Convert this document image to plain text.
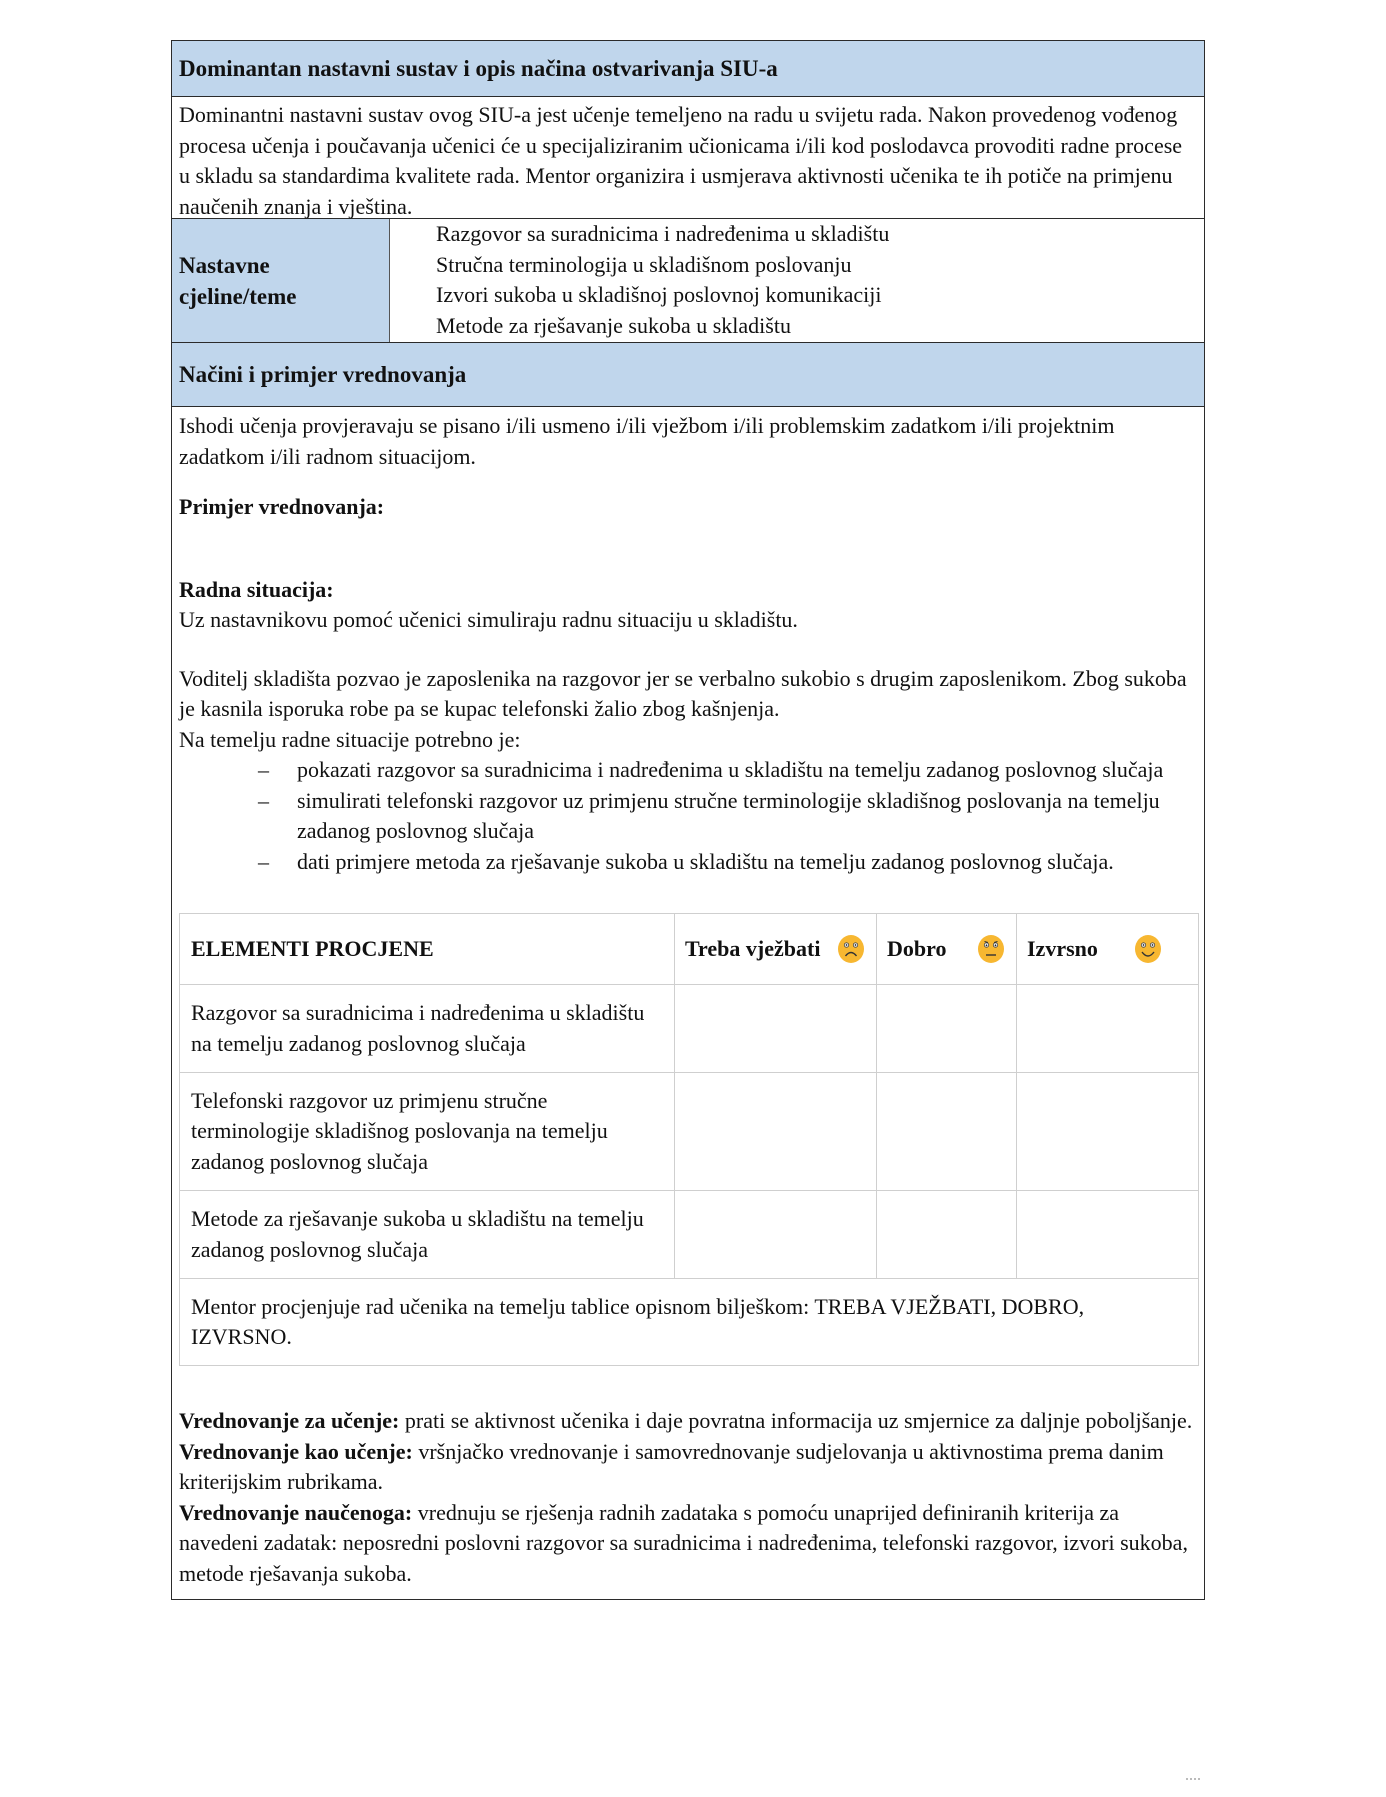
Dominantan nastavni sustav i opis načina ostvarivanja SIU-a
Dominantni nastavni sustav ovog SIU-a jest učenje temeljeno na radu u svijetu rada. Nakon provedenog vođenog procesa učenja i poučavanja učenici će u specijaliziranim učionicama i/ili kod poslodavca provoditi radne procese u skladu sa standardima kvalitete rada. Mentor organizira i usmjerava aktivnosti učenika te ih potiče na primjenu naučenih znanja i vještina.
Nastavne cjeline/teme
Razgovor sa suradnicima i nadređenima u skladištu
Stručna terminologija u skladišnom poslovanju
Izvori sukoba u skladišnoj poslovnoj komunikaciji
Metode za rješavanje sukoba u skladištu
Načini i primjer vrednovanja

Ishodi učenja provjeravaju se pisano i/ili usmeno i/ili vježbom i/ili problemskim zadatkom i/ili projektnim zadatkom i/ili radnom situacijom.

Primjer vrednovanja:

Radna situacija:

Uz nastavnikovu pomoć učenici simuliraju radnu situaciju u skladištu.

Voditelj skladišta pozvao je zaposlenika na razgovor jer se verbalno sukobio s drugim zaposlenikom. Zbog sukoba je kasnila isporuka robe pa se kupac telefonski žalio zbog kašnjenja.

Na temelju radne situacije potrebno je:

– pokazati razgovor sa suradnicima i nadređenima u skladištu na temelju zadanog poslovnog slučaja
– simulirati telefonski razgovor uz primjenu stručne terminologije skladišnog poslovanja na temelju zadanog poslovnog slučaja
– dati primjere metoda za rješavanje sukoba u skladištu na temelju zadanog poslovnog slučaja.
ELEMENTI PROCJENE	Treba vježbati	Dobro	Izvrsno

Razgovor sa suradnicima i nadređenima u skladištu na temelju zadanog poslovnog slučaja			
Telefonski razgovor uz primjenu stručne terminologije skladišnog poslovanja na temelju zadanog poslovnog slučaja			
Metode za rješavanje sukoba u skladištu na temelju zadanog poslovnog slučaja			
Mentor procjenjuje rad učenika na temelju tablice opisnom bilješkom: TREBA VJEŽBATI, DOBRO, IZVRSNO.			

Vrednovanje za učenje: prati se aktivnost učenika i daje povratna informacija uz smjernice za daljnje poboljšanje.

Vrednovanje kao učenje: vršnjačko vrednovanje i samovrednovanje sudjelovanja u aktivnostima prema danim kriterijskim rubrikama.

Vrednovanje naučenoga: vrednuju se rješenja radnih zadataka s pomoću unaprijed definiranih kriterija za navedeni zadatak: neposredni poslovni razgovor sa suradnicima i nadređenima, telefonski razgovor, izvori sukoba, metode rješavanja sukoba.
